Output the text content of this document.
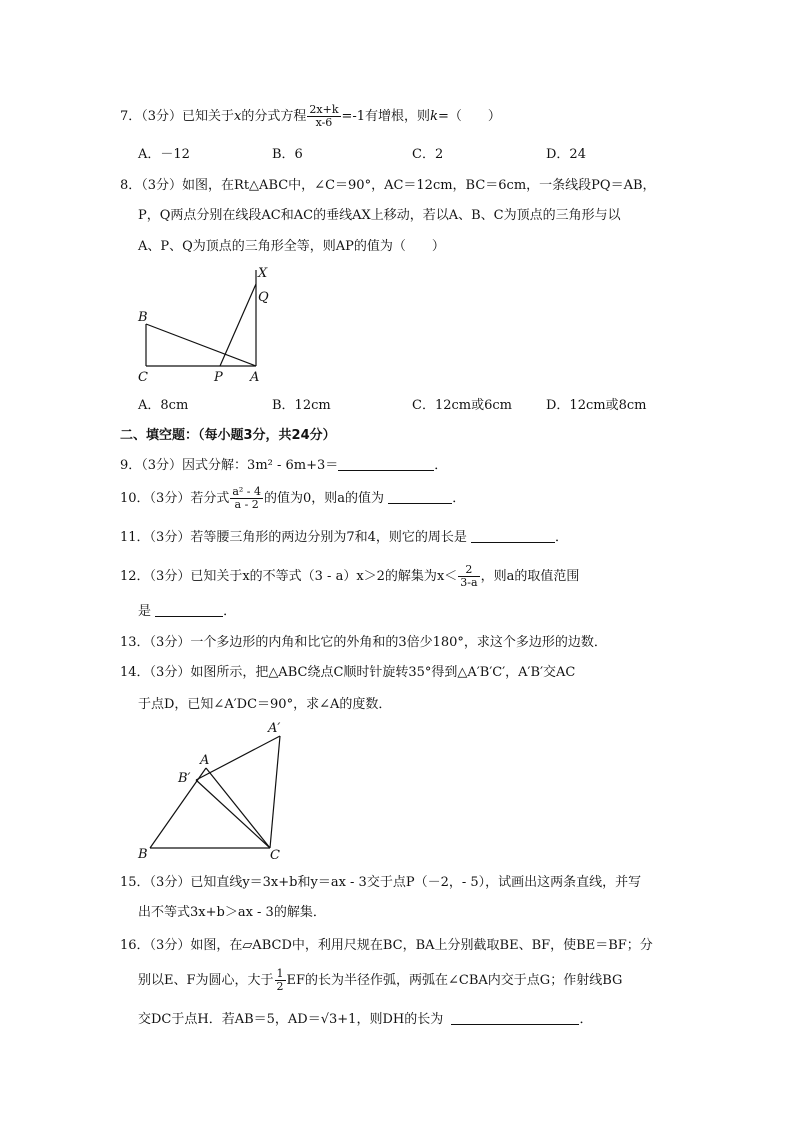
7．（3分）已知关于x的分式方程 $\frac{2x+k}{x-6} =-1$有增根，则k=（　　）
A．－12	B．6	C．2	D．24
8．（3分）如图，在Rt△ABC中，∠C＝90°，AC＝12cm，BC＝6cm，一条线段PQ＝AB，
P，Q两点分别在线段AC和AC的垂线AX上移动，若以A、B、C为顶点的三角形与以
A、P、Q为顶点的三角形全等，则AP的值为（　　）
X
Q
B
C	P A
A．8cm	B．12cm	C．12cm或6cm	D．12cm或8cm
二、填空题：（每小题3分，共24分）
9．（3分）因式分解：3m² - 6m+3＝	．
10．（3分）若分式 $\frac{\text{a² - 4}}{a - 2}$ 的值为0，则a的值为	．
11．（3分）若等腰三角形的两边分别为7和4，则它的周长是	．
12．（3分）已知关于x的不等式（3 - a）x＞2的解集为$x< \frac{2}{3-a}$ ，则a的取值范围
是	．
13．（3分）一个多边形的内角和比它的外角和的3倍少180°，求这个多边形的边数．
14．（3分）如图所示，把△ABC绕点C顺时针旋转35°得到△A′B′C′，A′B′交AC
于点D，已知∠A′DC＝90°，求∠A的度数．
A′
A
B′
B	C
15．（3分）已知直线y＝3x+b和y＝ax - 3交于点P（－2，- 5），试画出这两条直线，并写
出不等式3x+b＞ax - 3的解集．
16．（3分）如图，在▱ABCD中，利用尺规在BC，BA上分别截取BE、BF，使BE＝BF；分
别以E、F为圆心，大于 $\frac{1}{2}$ EF的长为半径作弧，两弧在∠CBA内交于点G；作射线BG
交DC于点H．若AB＝5，AD＝√3+1，则DH的长为	．
